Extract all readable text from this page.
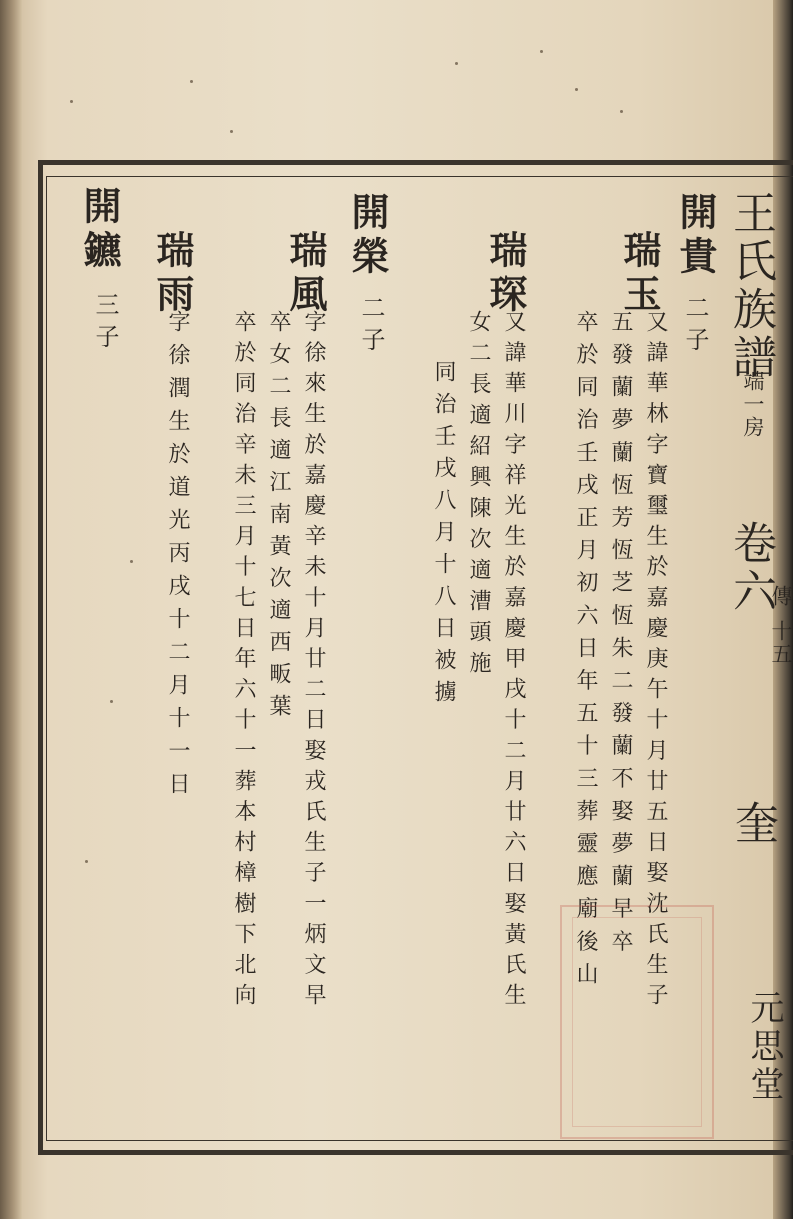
王氏族譜
端一房
卷六
傳
十五
奎
元思堂
開貴
二子
瑞玉
又諱華林字寶璽生於嘉慶庚午十月廿五日娶沈氏生子
五發蘭夢蘭恆芳恆芝恆朱二發蘭不娶夢蘭早卒
卒於同治壬戌正月初六日年五十三葬靈應廟後山
瑞琛
又諱華川字祥光生於嘉慶甲戌十二月廿六日娶黃氏生
女二長適紹興陳次適漕頭施
同治壬戌八月十八日被擄
開榮
二子
瑞風
字徐來生於嘉慶辛未十月廿二日娶戎氏生子一炳文早
卒女二長適江南黃次適西畈葉
卒於同治辛未三月十七日年六十一葬本村樟樹下北向
瑞雨
字徐潤生於道光丙戌十二月十一日
開鑣
三子
